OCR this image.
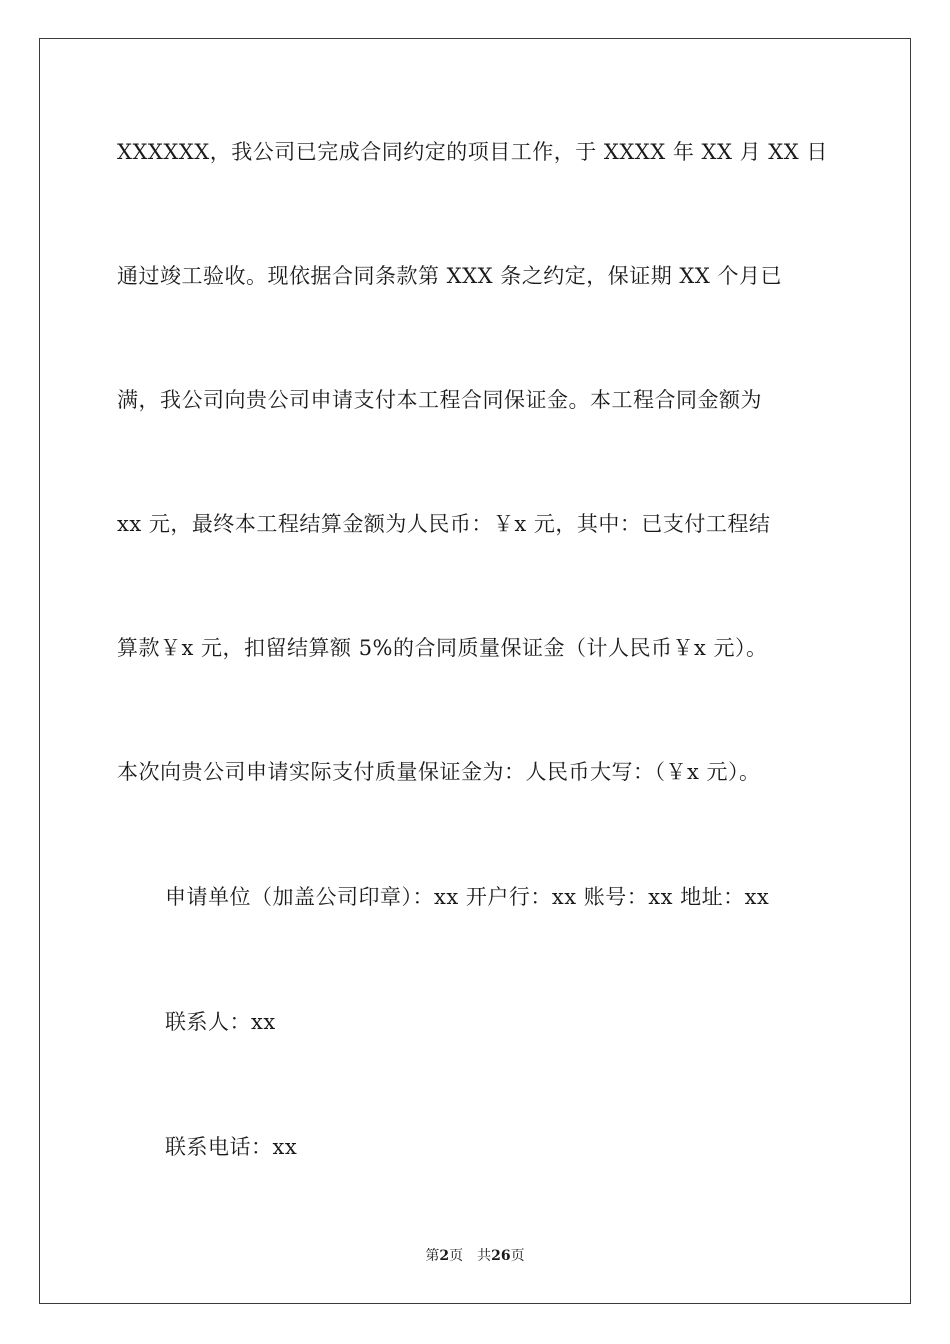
XXXXXX，我公司已完成合同约定的项目工作，于 XXXX 年 XX 月 XX 日
通过竣工验收。现依据合同条款第 XXX 条之约定，保证期 XX 个月已
满，我公司向贵公司申请支付本工程合同保证金。本工程合同金额为
xx 元，最终本工程结算金额为人民币：￥x 元，其中：已支付工程结
算款￥x 元，扣留结算额 5%的合同质量保证金（计人民币￥x 元）。
本次向贵公司申请实际支付质量保证金为：人民币大写：（￥x 元）。
申请单位（加盖公司印章）：xx 开户行：xx 账号：xx 地址：xx
联系人：xx
联系电话：xx
第2页 共26页
